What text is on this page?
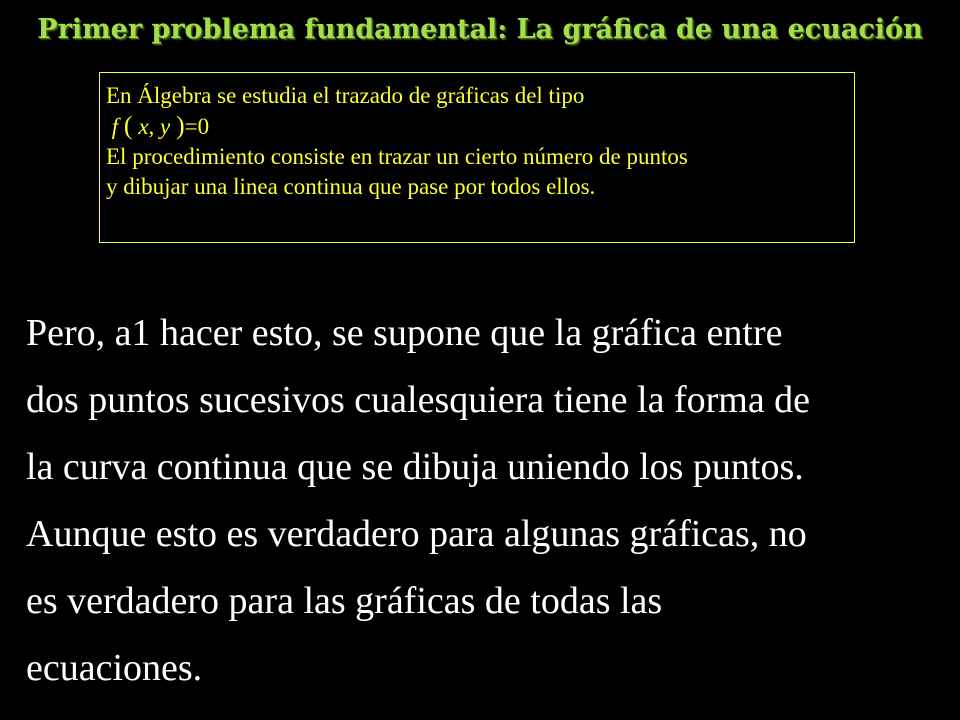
Primer problema fundamental: La gráfica de una ecuación
En Álgebra se estudia el trazado de gráficas del tipo
f ( x, y )=0
El procedimiento consiste en trazar un cierto número de puntos
y dibujar una linea continua que pase por todos ellos.
Pero, a1 hacer esto, se supone que la gráfica entre
dos puntos sucesivos cualesquiera tiene la forma de
la curva continua que se dibuja uniendo los puntos.
Aunque esto es verdadero para algunas gráficas, no
es verdadero para las gráficas de todas las
ecuaciones.
